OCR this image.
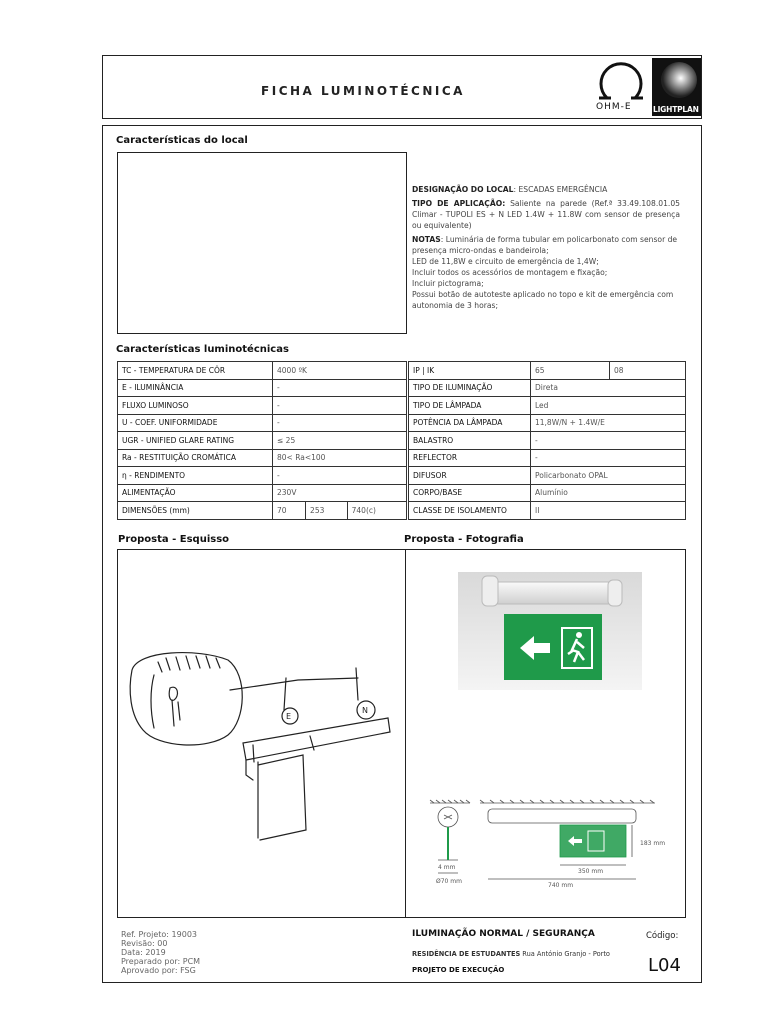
FICHA LUMINOTÉCNICA
OHM-E	LIGHTPLAN
Características do local
DESIGNAÇÃO DO LOCAL: ESCADAS EMERGÊNCIA
TIPO DE APLICAÇÃO: Saliente na parede (Ref.ª 33.49.108.01.05 Climar - TUPOLI ES + N LED 1.4W + 11.8W com sensor de presença ou equivalente)
NOTAS: Luminária de forma tubular em policarbonato com sensor de presença micro-ondas e bandeirola;
LED de 11,8W e circuito de emergência de 1,4W;
Incluir todos os acessórios de montagem e fixação;
Incluir pictograma;
Possui botão de autoteste aplicado no topo e kit de emergência com autonomia de 3 horas;
Características luminotécnicas
TC - TEMPERATURA DE CÔR	4000 ºK		
E - ILUMINÂNCIA	-		
FLUXO LUMINOSO	-		
U - COEF. UNIFORMIDADE	-		
UGR - UNIFIED GLARE RATING	≤ 25		
Ra - RESTITUIÇÃO CROMÁTICA	80< Ra<100		
η - RENDIMENTO	-		
ALIMENTAÇÃO	230V		
DIMENSÕES (mm)	70	253	740(c)
IP | IK	65	08
TIPO DE ILUMINAÇÃO	Direta	
TIPO DE LÂMPADA	Led	
POTÊNCIA DA LÂMPADA	11,8W/N + 1.4W/E	
BALASTRO	-	
REFLECTOR	-	
DIFUSOR	Policarbonato OPAL	
CORPO/BASE	Alumínio	
CLASSE DE ISOLAMENTO	II	
Proposta - Esquisso	Proposta - Fotografia
E
N
183 mm
350 mm
740 mm
4 mm
Ø70 mm
Ref. Projeto: 19003
Revisão: 00
Data: 2019
Preparado por: PCM
Aprovado por: FSG
ILUMINAÇÃO NORMAL / SEGURANÇA	Código:
RESIDÊNCIA DE ESTUDANTES Rua António Granjo - Porto
PROJETO DE EXECUÇÃO	L04
